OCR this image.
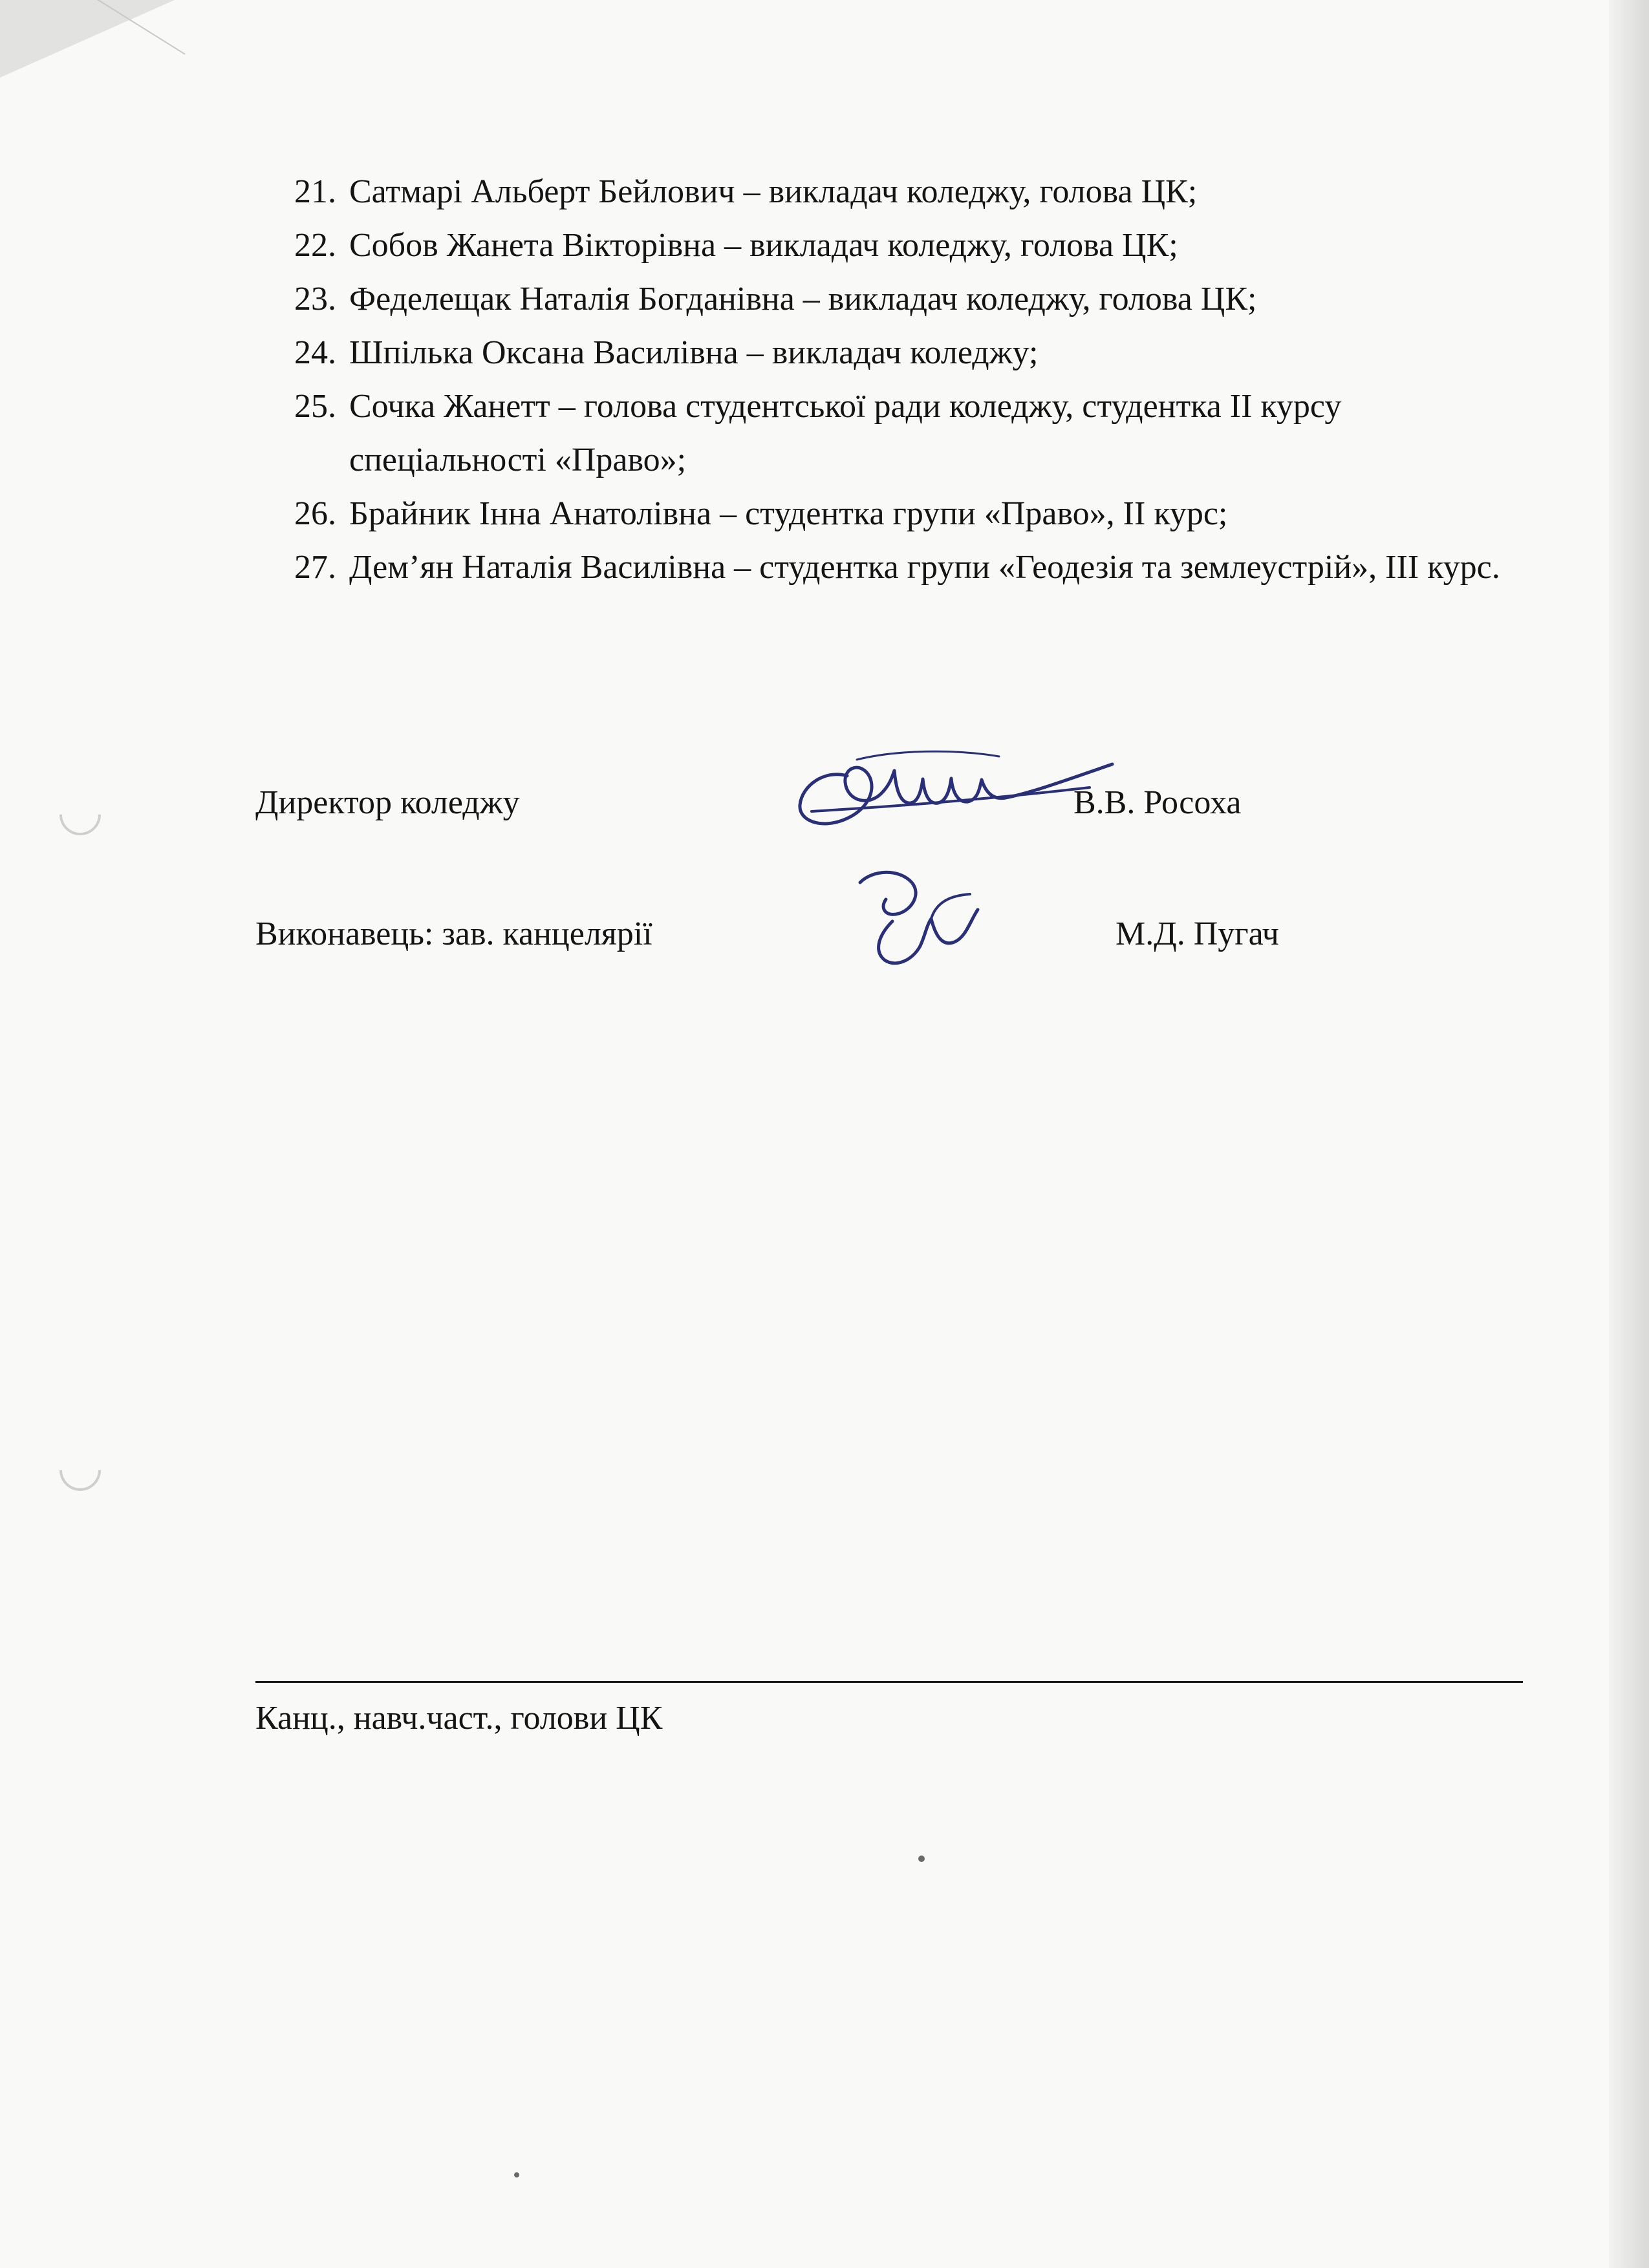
21. Сатмарі Альберт Бейлович – викладач коледжу, голова ЦК;
22. Собов Жанета Вікторівна – викладач коледжу, голова ЦК;
23. Феделещак Наталія Богданівна – викладач коледжу, голова ЦК;
24. Шпілька Оксана Василівна – викладач коледжу;
25. Сочка Жанетт – голова студентської ради коледжу, студентка ІІ курсу спеціальності «Право»;
26. Брайник Інна Анатолівна – студентка групи «Право», ІІ курс;
27. Дем’ян Наталія Василівна – студентка групи «Геодезія та землеустрій», ІІІ курс.
Директор коледжу	В.В. Росоха
Виконавець: зав. канцелярії	М.Д. Пугач
Канц., навч.част., голови ЦК
